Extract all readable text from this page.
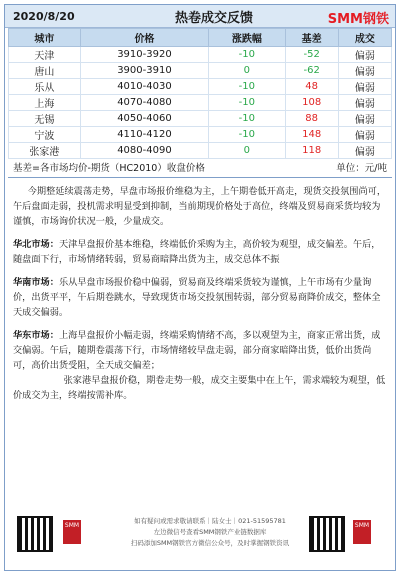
2020/8/20	热卷成交反馈	SMM钢铁
城市	价格	涨跌幅	基差	成交
天津	3910-3920	-10	-52	偏弱
唐山	3900-3910	0	-62	偏弱
乐从	4010-4030	-10	48	偏弱
上海	4070-4080	-10	108	偏弱
无锡	4050-4060	-10	88	偏弱
宁波	4110-4120	-10	148	偏弱
张家港	4080-4090	0	118	偏弱
基差=各市场均价-期货（HC2010）收盘价格	单位：元/吨

今期整延续震荡走势，早盘市场报价维稳为主，上午期卷低开高走，现货交投氛围尚可，午后盘面走弱，投机需求明显受到抑制，当前期现价格处于高位，终端及贸易商采货均较为谨慎，市场询价状况一般，少量成交。

华北市场：天津早盘报价基本维稳，终端低价采购为主，高价较为观望，成交偏差。午后，随盘面下行，市场情绪转弱，贸易商暗降出货为主，成交总体不振

华南市场：乐从早盘市场报价稳中偏弱，贸易商及终端采货较为谨慎，上午市场有少量询价，出货平平，午后期卷跳水，导致现货市场交投氛围转弱，部分贸易商降价成交，整体全天成交偏弱。

华东市场：上海早盘报价小幅走弱，终端采购情绪不高，多以观望为主，商家正常出货，成交偏弱。午后，随期卷震荡下行，市场情绪较早盘走弱，部分商家暗降出货，低价出货尚可，高价出货受阻，全天成交偏差；

张家港早盘报价稳，期卷走势一般，成交主要集中在上午，需求端较为观望，低价成交为主，终端按需补库。

SMM
如有疑问或需求敬请联系｜陆女士｜021-51595781
左边微信号查看SMM钢铁产业链数据库
扫码添加SMM钢铁官方微信公众号，及时掌握钢铁资讯
SMM
